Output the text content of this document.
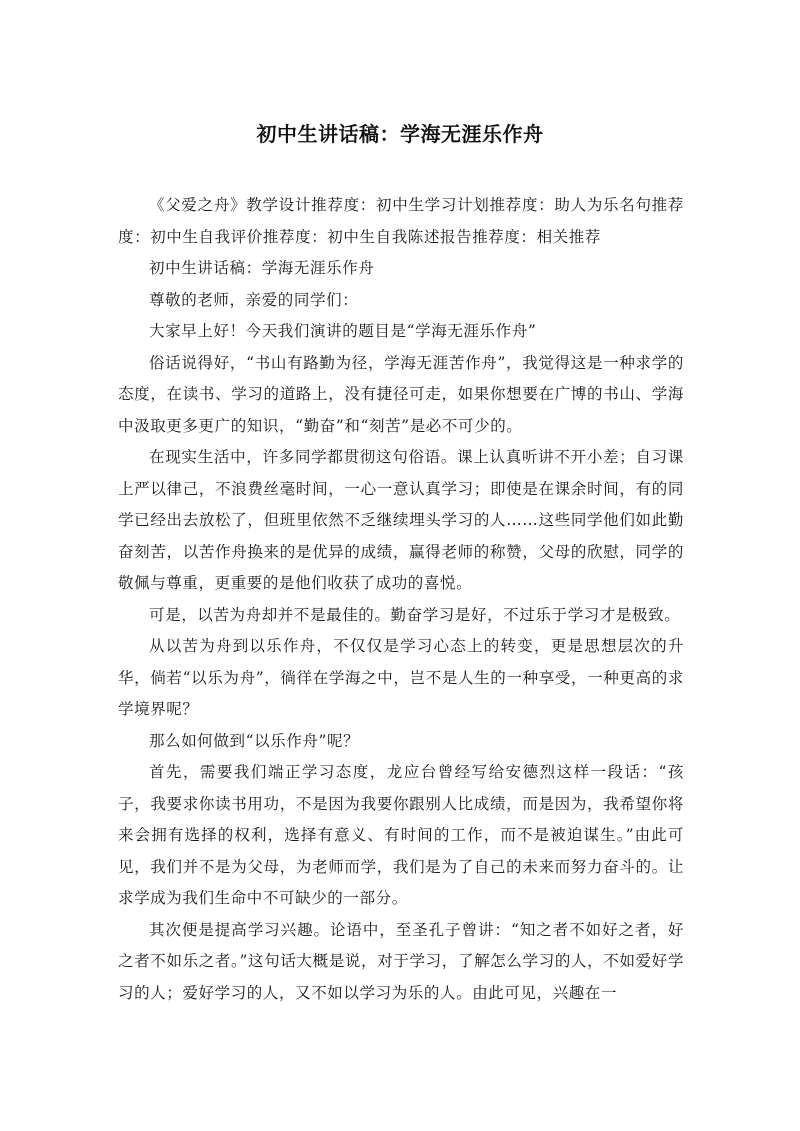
初中生讲话稿：学海无涯乐作舟

《父爱之舟》教学设计推荐度：初中生学习计划推荐度：助人为乐名句推荐度：初中生自我评价推荐度：初中生自我陈述报告推荐度：相关推荐

初中生讲话稿：学海无涯乐作舟

尊敬的老师，亲爱的同学们：

大家早上好！今天我们演讲的题目是“学海无涯乐作舟”

俗话说得好，“书山有路勤为径，学海无涯苦作舟”，我觉得这是一种求学的态度，在读书、学习的道路上，没有捷径可走，如果你想要在广博的书山、学海中汲取更多更广的知识，“勤奋”和“刻苦”是必不可少的。

在现实生活中，许多同学都贯彻这句俗语。课上认真听讲不开小差；自习课上严以律己，不浪费丝毫时间，一心一意认真学习；即使是在课余时间，有的同学已经出去放松了，但班里依然不乏继续埋头学习的人……这些同学他们如此勤奋刻苦，以苦作舟换来的是优异的成绩，赢得老师的称赞，父母的欣慰，同学的敬佩与尊重，更重要的是他们收获了成功的喜悦。

可是，以苦为舟却并不是最佳的。勤奋学习是好，不过乐于学习才是极致。

从以苦为舟到以乐作舟，不仅仅是学习心态上的转变，更是思想层次的升华，倘若“以乐为舟”，徜徉在学海之中，岂不是人生的一种享受，一种更高的求学境界呢？

那么如何做到“以乐作舟”呢？

首先，需要我们端正学习态度，龙应台曾经写给安德烈这样一段话：“孩子，我要求你读书用功，不是因为我要你跟别人比成绩，而是因为，我希望你将来会拥有选择的权利，选择有意义、有时间的工作，而不是被迫谋生。”由此可见，我们并不是为父母，为老师而学，我们是为了自己的未来而努力奋斗的。让求学成为我们生命中不可缺少的一部分。

其次便是提高学习兴趣。论语中，至圣孔子曾讲：“知之者不如好之者，好之者不如乐之者。”这句话大概是说，对于学习，了解怎么学习的人，不如爱好学习的人；爱好学习的人，又不如以学习为乐的人。由此可见，兴趣在一
